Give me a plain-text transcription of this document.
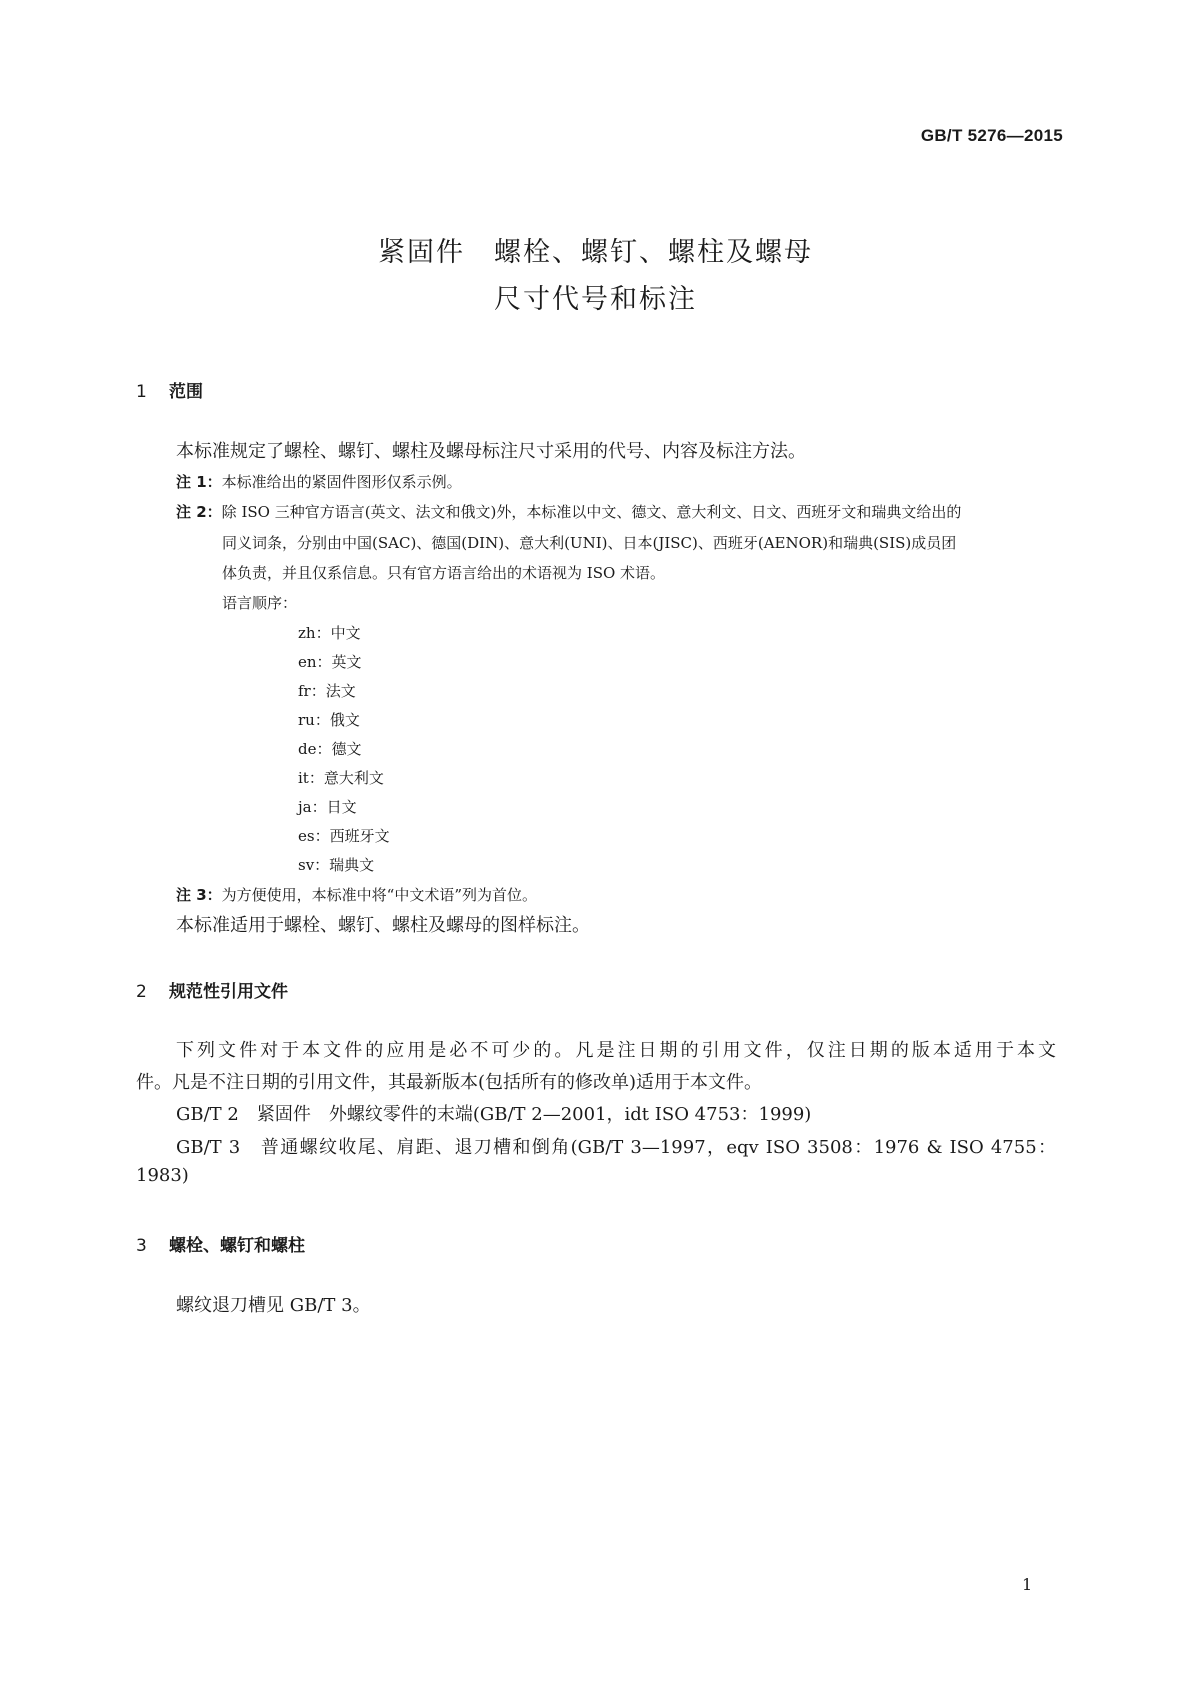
GB/T 5276—2015
紧固件　螺栓、螺钉、螺柱及螺母
尺寸代号和标注
1 范围
本标准规定了螺栓、螺钉、螺柱及螺母标注尺寸采用的代号、内容及标注方法。
注 1：本标准给出的紧固件图形仅系示例。
注 2：除 ISO 三种官方语言(英文、法文和俄文)外，本标准以中文、德文、意大利文、日文、西班牙文和瑞典文给出的
同义词条，分别由中国(SAC)、德国(DIN)、意大利(UNI)、日本(JISC)、西班牙(AENOR)和瑞典(SIS)成员团
体负责，并且仅系信息。只有官方语言给出的术语视为 ISO 术语。
语言顺序：
zh：中文
en：英文
fr：法文
ru：俄文
de：德文
it：意大利文
ja：日文
es：西班牙文
sv：瑞典文
注 3：为方便使用，本标准中将“中文术语”列为首位。
本标准适用于螺栓、螺钉、螺柱及螺母的图样标注。
2 规范性引用文件
下列文件对于本文件的应用是必不可少的。凡是注日期的引用文件，仅注日期的版本适用于本文
件。凡是不注日期的引用文件，其最新版本(包括所有的修改单)适用于本文件。
GB/T 2　紧固件　外螺纹零件的末端(GB/T 2—2001，idt ISO 4753：1999)
GB/T 3　普通螺纹收尾、肩距、退刀槽和倒角(GB/T 3—1997，eqv ISO 3508：1976 & ISO 4755：
1983)
3 螺栓、螺钉和螺柱
螺纹退刀槽见 GB/T 3。
1
